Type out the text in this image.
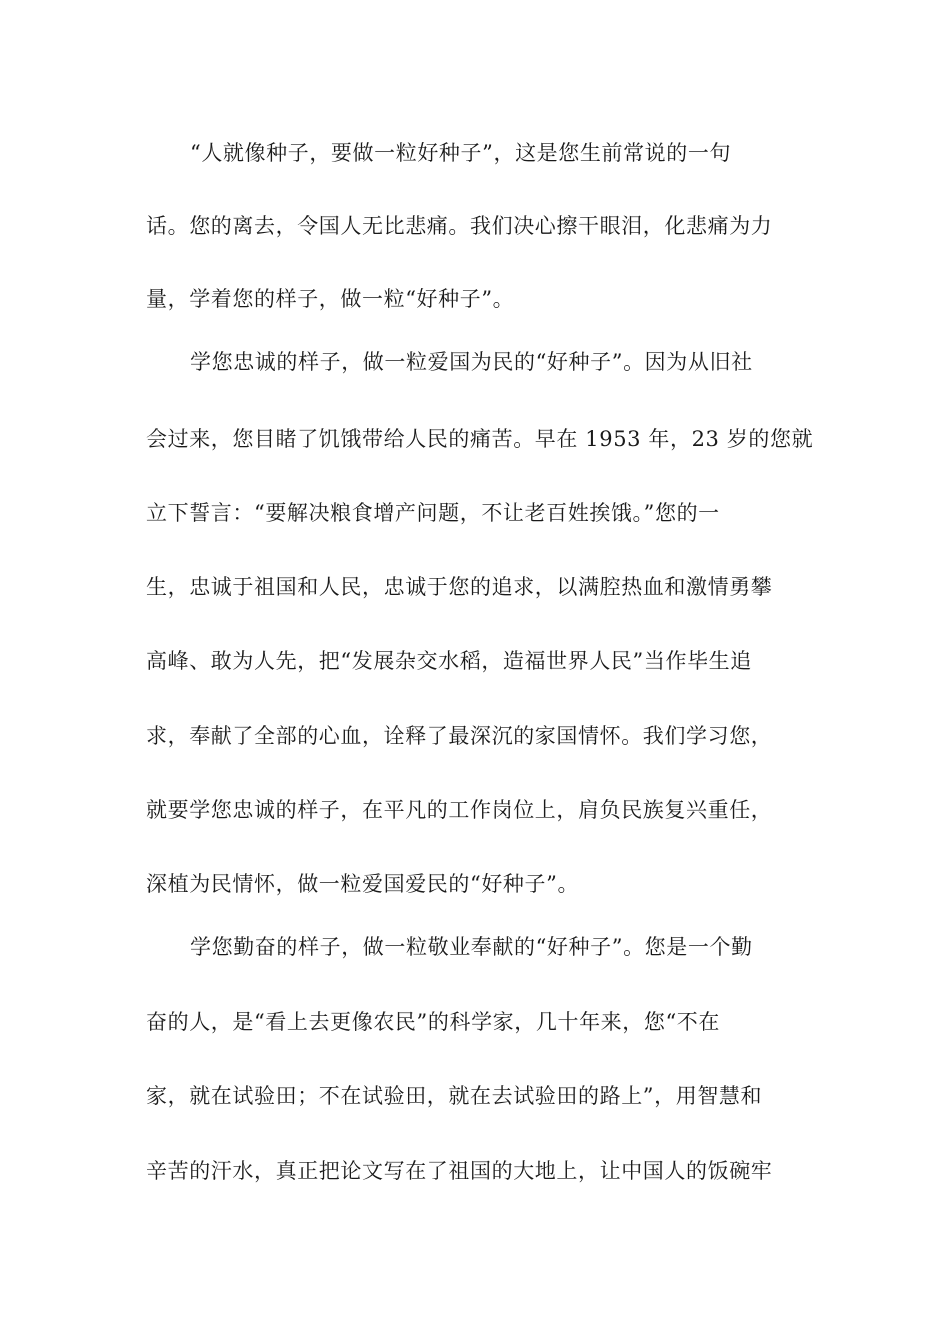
“人就像种子，要做一粒好种子”，这是您生前常说的一句
话。您的离去，令国人无比悲痛。我们决心擦干眼泪，化悲痛为力
量，学着您的样子，做一粒“好种子”。
学您忠诚的样子，做一粒爱国为民的“好种子”。因为从旧社
会过来，您目睹了饥饿带给人民的痛苦。早在 1953 年，23 岁的您就
立下誓言：“要解决粮食增产问题，不让老百姓挨饿。”您的一
生，忠诚于祖国和人民，忠诚于您的追求，以满腔热血和激情勇攀
高峰、敢为人先，把“发展杂交水稻，造福世界人民”当作毕生追
求，奉献了全部的心血，诠释了最深沉的家国情怀。我们学习您，
就要学您忠诚的样子，在平凡的工作岗位上，肩负民族复兴重任，
深植为民情怀，做一粒爱国爱民的“好种子”。
学您勤奋的样子，做一粒敬业奉献的“好种子”。您是一个勤
奋的人，是“看上去更像农民”的科学家，几十年来，您“不在
家，就在试验田；不在试验田，就在去试验田的路上”，用智慧和
辛苦的汗水，真正把论文写在了祖国的大地上，让中国人的饭碗牢
